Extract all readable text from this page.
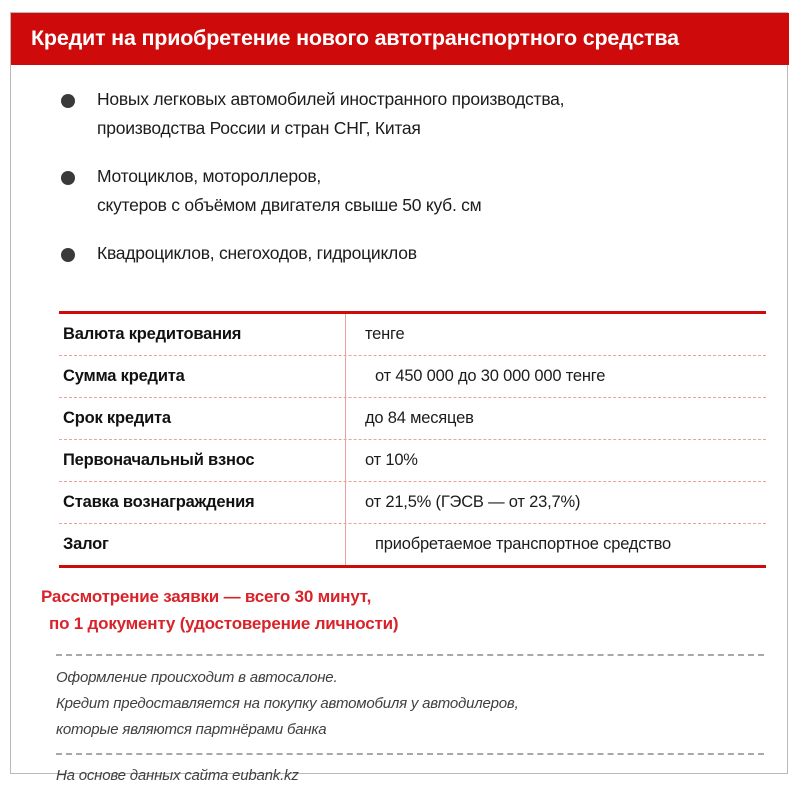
Кредит на приобретение нового автотранспортного средства
Новых легковых автомобилей иностранного производства,
производства России и стран СНГ, Китая
Мотоциклов, мотороллеров,
скутеров с объёмом двигателя свыше 50 куб. см
Квадроциклов, снегоходов, гидроциклов
Валюта кредитования	тенге
Сумма кредита	от 450 000 до 30 000 000 тенге
Срок кредита	до 84 месяцев
Первоначальный взнос	от 10%
Ставка вознаграждения	от 21,5% (ГЭСВ — от 23,7%)
Залог	приобретаемое транспортное средство
Рассмотрение заявки — всего 30 минут,
по 1 документу (удостоверение личности)
Оформление происходит в автосалоне.
Кредит предоставляется на покупку автомобиля у автодилеров,
которые являются партнёрами банка
На основе данных сайта eubank.kz
